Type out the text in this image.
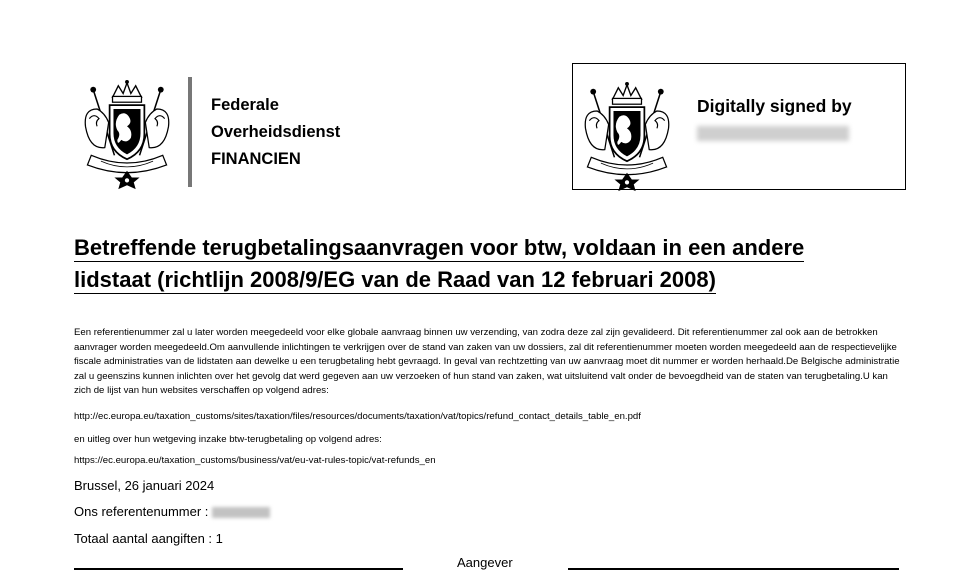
Federale
Overheidsdienst
FINANCIEN
Digitally signed by
Betreffende terugbetalingsaanvragen voor btw, voldaan in een andere
lidstaat (richtlijn 2008/9/EG van de Raad van 12 februari 2008)
Een referentienummer zal u later worden meegedeeld voor elke globale aanvraag binnen uw verzending, van zodra deze zal zijn gevalideerd. Dit referentienummer zal ook aan de betrokken aanvrager worden meegedeeld.Om aanvullende inlichtingen te verkrijgen over de stand van zaken van uw dossiers, zal dit referentienummer moeten worden meegedeeld aan de respectievelijke fiscale administraties van de lidstaten aan dewelke u een terugbetaling hebt gevraagd. In geval van rechtzetting van uw aanvraag moet dit nummer er worden herhaald.De Belgische administratie zal u geenszins kunnen inlichten over het gevolg dat werd gegeven aan uw verzoeken of hun stand van zaken, wat uitsluitend valt onder de bevoegdheid van de staten van terugbetaling.U kan zich de lijst van hun websites verschaffen op volgend adres:
http://ec.europa.eu/taxation_customs/sites/taxation/files/resources/documents/taxation/vat/topics/refund_contact_details_table_en.pdf
en uitleg over hun wetgeving inzake btw-terugbetaling op volgend adres:
https://ec.europa.eu/taxation_customs/business/vat/eu-vat-rules-topic/vat-refunds_en
Brussel, 26 januari 2024
Ons referentenummer :
Totaal aantal aangiften : 1
Aangever
